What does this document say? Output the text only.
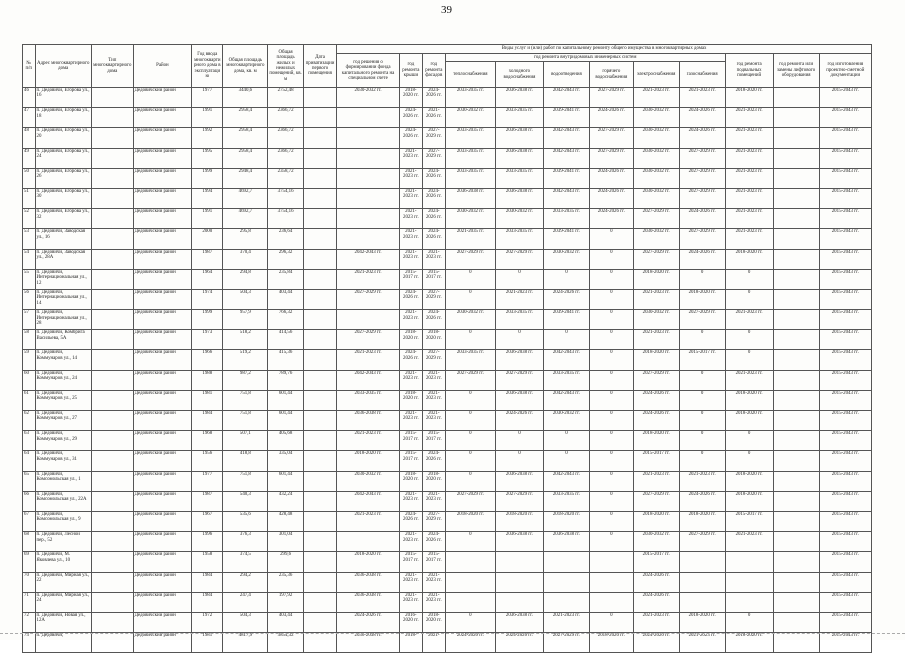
39
№ п/п	Адрес многоквартирного дома	Тип многоквартирного дома	Район	Год ввода многоквартирного дома в эксплуатацию	Общая площадь многоквартирного дома, кв. м	Общая площадь жилых и нежилых помещений, кв. м	Дата приватизации первого помещения	Виды услуг и (или) работ по капитальному ремонту общего имущества в многоквартирных домах											
								год решения о формировании фонда капитального ремонта на специальном счете	год ремонта крыши	год ремонта фасадов	год ремонта внутридомовых инженерных систем						год ремонта подвальных помещений	год ремонта или замены лифтового оборудования	год изготовления проектно-сметной документации
											теплоснабжения	холодного водоснабжения	водоотведения	горячего водоснабжения	электроснабжения	газоснабжения			
46	п. Дедовичи, Егорова ул., 16		Дедовичский район	1977	3440,6	2752,48		2030-2032 гг.	2018-2020 гг.	2024-2026 гг.	2033-2035 гг.	2036-2038 гг.	2042-2043 гг.	2027-2029 гг.	2021-2023 гг.	2021-2023 гг.	2018-2020 гг.		2015-2043 гг.
47	п. Дедовичи, Егорова ул., 18		Дедовичский район	1991	2958,4	2366,72			2024-2026 гг.	2021-2026 гг.	2030-2032 гг.	2033-2035 гг.	2039-2041 гг.	2024-2026 гг.	2030-2032 гг.	2024-2026 гг.	2021-2023 гг.		2015-2043 гг.
48	п. Дедовичи, Егорова ул., 20		Дедовичский район	1992	2958,4	2366,72			2024-2026 гг.	2027-2029 гг.	2033-2035 гг.	2036-2038 гг.	2042-2043 гг.	2027-2029 гг.	2030-2032 гг.	2024-2026 гг.	2021-2023 гг.		2015-2043 гг.
49	п. Дедовичи, Егорова ул., 24		Дедовичский район	1995	2958,4	2366,72			2021-2023 гг.	2027-2029 гг.	2033-2035 гг.	2036-2038 гг.	2042-2043 гг.	2027-2029 гг.	2030-2032 гг.	2027-2029 гг.	2021-2023 гг.		2015-2043 гг.
50	п. Дедовичи, Егорова ул., 26		Дедовичский район	1999	2948,4	2358,72			2021-2023 гг.	2024-2026 гг.	2033-2035 гг.	2033-2035 гг.	2039-2041 гг.	2024-2026 гг.	2030-2032 гг.	2027-2029 гг.	2021-2023 гг.		2015-2043 гг.
51	п. Дедовичи, Егорова ул., 30		Дедовичский район	1994	4692,7	3754,16			2021-2023 гг.	2024-2026 гг.	2036-2038 гг.	2036-2038 гг.	2042-2043 гг.	2024-2026 гг.	2030-2032 гг.	2027-2029 гг.	2021-2023 гг.		2015-2043 гг.
52	п. Дедовичи, Егорова ул., 32		Дедовичский район	1991	4692,7	3754,16			2021-2023 гг.	2024-2026 гг.	2030-2032 гг.	2030-2032 гг.	2033-2035 гг.	2024-2026 гг.	2027-2029 гг.	2024-2026 гг.	2021-2023 гг.		2015-2043 гг.
53	п. Дедовичи, Заводская ул., 16		Дедовичский район	2000	295,8	236,64			2021-2023 гг.	2024-2026 гг.	2021-2035 гг.	2033-2035 гг.	2039-2041 гг.	0	2030-2032 гг.	2027-2029 гг.	2021-2023 гг.		2015-2043 гг.
54	п. Дедовичи, Заводская ул., 28А		Дедовичский район	1987	370,4	296,32		2042-2043 гг.	2021-2023 гг.	2021-2023 гг.	2027-2029 гг.	2027-2029 гг.	2030-2032 гг.	0	2027-2029 гг.	2024-2026 гг.	2018-2020 гг.		2015-2043 гг.
55	п. Дедовичи, Интернациональная ул., 12		Дедовичский район	1964	294,8	235,84		2021-2023 гг.	2015-2017 гг.	2015-2017 гг.	0	0	0	0	2018-2020 гг.	0	0		2015-2043 гг.
56	п. Дедовичи, Интернациональная ул., 14		Дедовичский район	1974	504,3	403,44		2027-2029 гг.	2024-2026 гг.	2027-2029 гг.	0	2021-2023 гг.	2024-2026 гг.	0	2021-2023 гг.	2018-2020 гг.	0		2015-2043 гг.
57	п. Дедовичи, Интернациональная ул., 28		Дедовичский район	1999	957,9	766,32			2021-2023 гг.	2024-2026 гг.	2030-2032 гг.	2033-2035 гг.	2039-2041 гг.	0	2030-2032 гг.	2027-2029 гг.	2021-2023 гг.		2015-2043 гг.
58	п. Дедовичи, Комбрига Васильева, 5А		Дедовичский район	1973	518,2	414,56		2027-2029 гг.	2018-2020 гг.	2018-2020 гг.	0	0	0	0	2021-2023 гг.	0	0		2015-2043 гг.
59	п. Дедовичи, Коммунаров ул., 14		Дедовичский район	1966	519,2	415,36		2021-2023 гг.	2024-2026 гг.	2027-2029 гг.	2033-2035 гг.	2036-2038 гг.	2042-2043 гг.	0	2018-2020 гг.	2015-2017 гг.	0		2015-2043 гг.
60	п. Дедовичи, Коммунаров ул., 24		Дедовичский район	1988	987,2	789,76		2042-2043 гг.	2021-2023 гг.	2021-2023 гг.	2027-2029 гг.	2027-2029 гг.	2033-2035 гг.	0	2027-2029 гг.	0	2021-2023 гг.		2015-2043 гг.
61	п. Дедовичи, Коммунаров ул., 25		Дедовичский район	1981	751,8	601,44		2033-2035 гг.	2018-2020 гг.	2021-2023 гг.	0	2036-2038 гг.	2042-2043 гг.	0	2024-2026 гг.	0	2018-2020 гг.		2015-2043 гг.
62	п. Дедовичи, Коммунаров ул., 27		Дедовичский район	1984	751,8	601,44		2036-2038 гг.	2021-2023 гг.	2021-2023 гг.	0	2024-2026 гг.	2030-2032 гг.	0	2024-2026 гг.	0	2018-2020 гг.		2015-2043 гг.
63	п. Дедовичи, Коммунаров ул., 29		Дедовичский район	1968	507,1	405,68		2021-2023 гг.	2015-2017 гг.	2015-2017 гг.	0	0	0	0	2018-2020 гг.	0	0		2015-2043 гг.
64	п. Дедовичи, Коммунаров ул., 31		Дедовичский район	1956	418,8	335,04		2018-2020 гг.	2015-2017 гг.	2024-2026 гг.	0	0	0	0	2015-2017 гг.	0	0		2015-2043 гг.
65	п. Дедовичи, Комсомольская ул., 1		Дедовичский район	1977	751,8	601,44		2030-2032 гг.	2018-2020 гг.	2018-2020 гг.	0	2036-2038 гг.	2042-2043 гг.	0	2021-2023 гг.	2021-2023 гг.	2018-2020 гг.		2015-2043 гг.
66	п. Дедовичи, Комсомольская ул., 22А		Дедовичский район	1987	540,3	432,24		2042-2043 гг.	2021-2023 гг.	2021-2023 гг.	2027-2029 гг.	2027-2029 гг.	2033-2035 гг.	0	2027-2029 гг.	2024-2026 гг.	2018-2020 гг.		2015-2043 гг.
67	п. Дедовичи, Комсомольская ул., 9		Дедовичский район	1967	535,6	428,48		2021-2023 гг.	2024-2026 гг.	2027-2029 гг.	2018-2020 гг.	2018-2020 гг.	2018-2020 гг.	0	2018-2020 гг.	2018-2020 гг.	2015-2017 гг.		2015-2043 гг.
68	п. Дедовичи, Лесной пер., 52		Дедовичский район	1996	376,3	301,04			2021-2023 гг.	2024-2026 гг.	0	2036-2038 гг.	2036-2038 гг.	0	2030-2032 гг.	2027-2029 гг.	2021-2023 гг.		2015-2043 гг.
69	п. Дедовичи, М. Яковлева ул., 10		Дедовичский район	1958	374,5	299,6		2018-2020 гг.	2015-2017 гг.	2015-2017 гг.					2015-2017 гг.				2015-2043 гг.
70	п. Дедовичи, Мирная ул., 22		Дедовичский район	1984	294,2	235,36		2036-2038 гг.	2021-2023 гг.	2021-2023 гг.					2024-2026 гг.				2015-2043 гг.
71	п. Дедовичи, Мирная ул., 24		Дедовичский район	1984	247,4	197,92		2036-2038 гг.	2021-2023 гг.	2021-2023 гг.					2024-2026 гг.				2015-2043 гг.
72	п. Дедовичи, Новая ул., 12А		Дедовичский район	1972	504,3	403,44		2024-2026 гг.	2016-2020 гг.	2018-2020 гг.	0	2036-2038 гг.	2021-2023 гг.	0	2021-2023 гг.	2018-2020 гг.	0		2015-2043 гг.
73	п. Дедовичи,		Дедовичский район	1981	4817,9	3854,32		2036-2038 гг.	2018-	2021-	2024-2026 гг.	2024-2026 гг.	2027-2029 гг.	2018-2020 гг.	2024-2026 гг.	2021-2023 гг.	2018-2020 гг.		2015-2043 гг.
